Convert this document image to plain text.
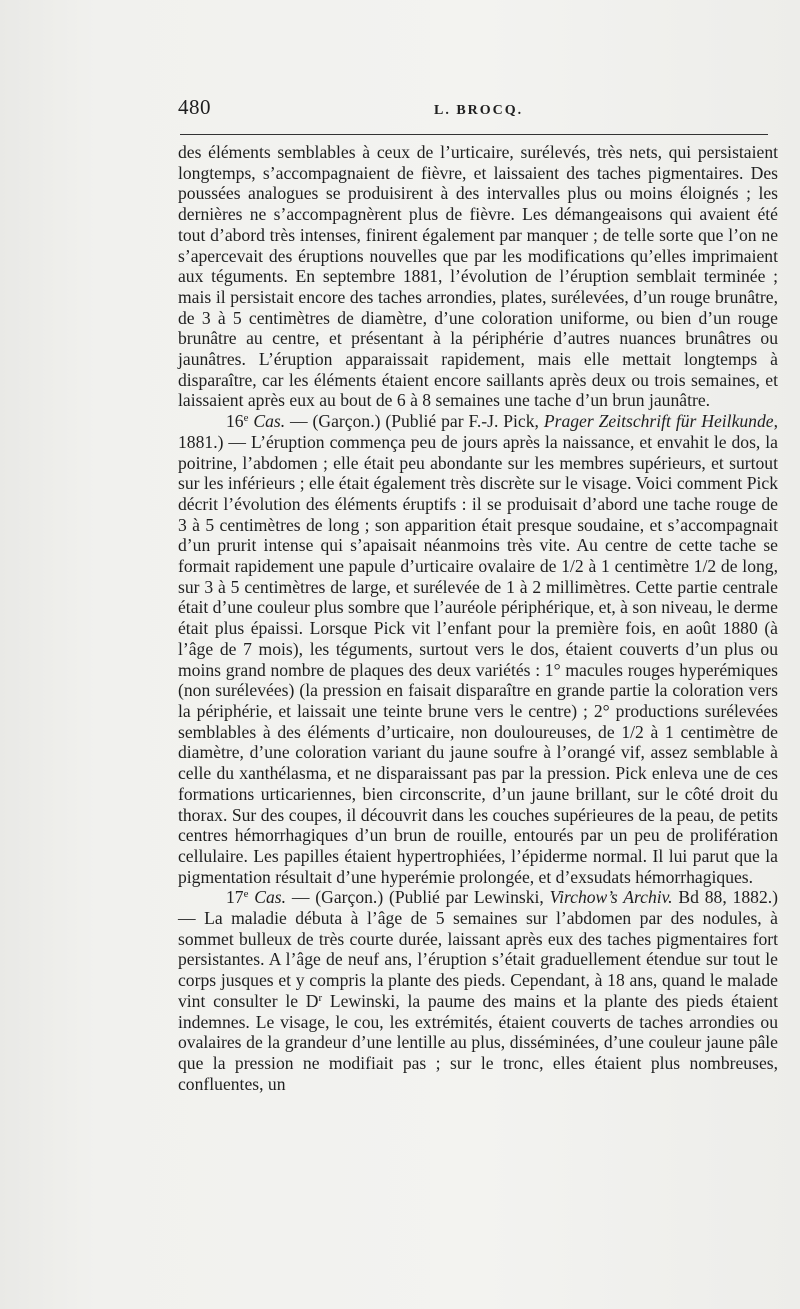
480	L. BROCQ.

des éléments semblables à ceux de l’urticaire, surélevés, très nets, qui persistaient longtemps, s’accompagnaient de fièvre, et laissaient des taches pigmentaires. Des poussées analogues se produisirent à des intervalles plus ou moins éloignés ; les dernières ne s’accompagnèrent plus de fièvre. Les démangeaisons qui avaient été tout d’abord très intenses, finirent également par manquer ; de telle sorte que l’on ne s’apercevait des éruptions nouvelles que par les modifications qu’elles imprimaient aux téguments. En septembre 1881, l’évolution de l’éruption semblait terminée ; mais il persistait encore des taches arrondies, plates, surélevées, d’un rouge brunâtre, de 3 à 5 centimètres de diamètre, d’une coloration uniforme, ou bien d’un rouge brunâtre au centre, et présentant à la périphérie d’autres nuances brunâtres ou jaunâtres. L’éruption apparaissait rapidement, mais elle mettait longtemps à disparaître, car les éléments étaient encore saillants après deux ou trois semaines, et laissaient après eux au bout de 6 à 8 semaines une tache d’un brun jaunâtre.

16e Cas. — (Garçon.) (Publié par F.-J. Pick, Prager Zeitschrift für Heilkunde, 1881.) — L’éruption commença peu de jours après la naissance, et envahit le dos, la poitrine, l’abdomen ; elle était peu abondante sur les membres supérieurs, et surtout sur les inférieurs ; elle était également très discrète sur le visage. Voici comment Pick décrit l’évolution des éléments éruptifs : il se produisait d’abord une tache rouge de 3 à 5 centimètres de long ; son apparition était presque soudaine, et s’accompagnait d’un prurit intense qui s’apaisait néanmoins très vite. Au centre de cette tache se formait rapidement une papule d’urticaire ovalaire de 1/2 à 1 centimètre 1/2 de long, sur 3 à 5 centimètres de large, et surélevée de 1 à 2 millimètres. Cette partie centrale était d’une couleur plus sombre que l’auréole périphérique, et, à son niveau, le derme était plus épaissi. Lorsque Pick vit l’enfant pour la première fois, en août 1880 (à l’âge de 7 mois), les téguments, surtout vers le dos, étaient couverts d’un plus ou moins grand nombre de plaques des deux variétés : 1° macules rouges hyperémiques (non surélevées) (la pression en faisait disparaître en grande partie la coloration vers la périphérie, et laissait une teinte brune vers le centre) ; 2° productions surélevées semblables à des éléments d’urticaire, non douloureuses, de 1/2 à 1 centimètre de diamètre, d’une coloration variant du jaune soufre à l’orangé vif, assez semblable à celle du xanthélasma, et ne disparaissant pas par la pression. Pick enleva une de ces formations urticariennes, bien circonscrite, d’un jaune brillant, sur le côté droit du thorax. Sur des coupes, il découvrit dans les couches supérieures de la peau, de petits centres hémorrhagiques d’un brun de rouille, entourés par un peu de prolifération cellulaire. Les papilles étaient hypertrophiées, l’épiderme normal. Il lui parut que la pigmentation résultait d’une hyperémie prolongée, et d’exsudats hémorrhagiques.

17e Cas. — (Garçon.) (Publié par Lewinski, Virchow’s Archiv. Bd 88, 1882.) — La maladie débuta à l’âge de 5 semaines sur l’abdomen par des nodules, à sommet bulleux de très courte durée, laissant après eux des taches pigmentaires fort persistantes. A l’âge de neuf ans, l’éruption s’était graduellement étendue sur tout le corps jusques et y compris la plante des pieds. Cependant, à 18 ans, quand le malade vint consulter le $D^r$ Lewinski, la paume des mains et la plante des pieds étaient indemnes. Le visage, le cou, les extrémités, étaient couverts de taches arrondies ou ovalaires de la grandeur d’une lentille au plus, disséminées, d’une couleur jaune pâle que la pression ne modifiait pas ; sur le tronc, elles étaient plus nombreuses, confluentes, un
